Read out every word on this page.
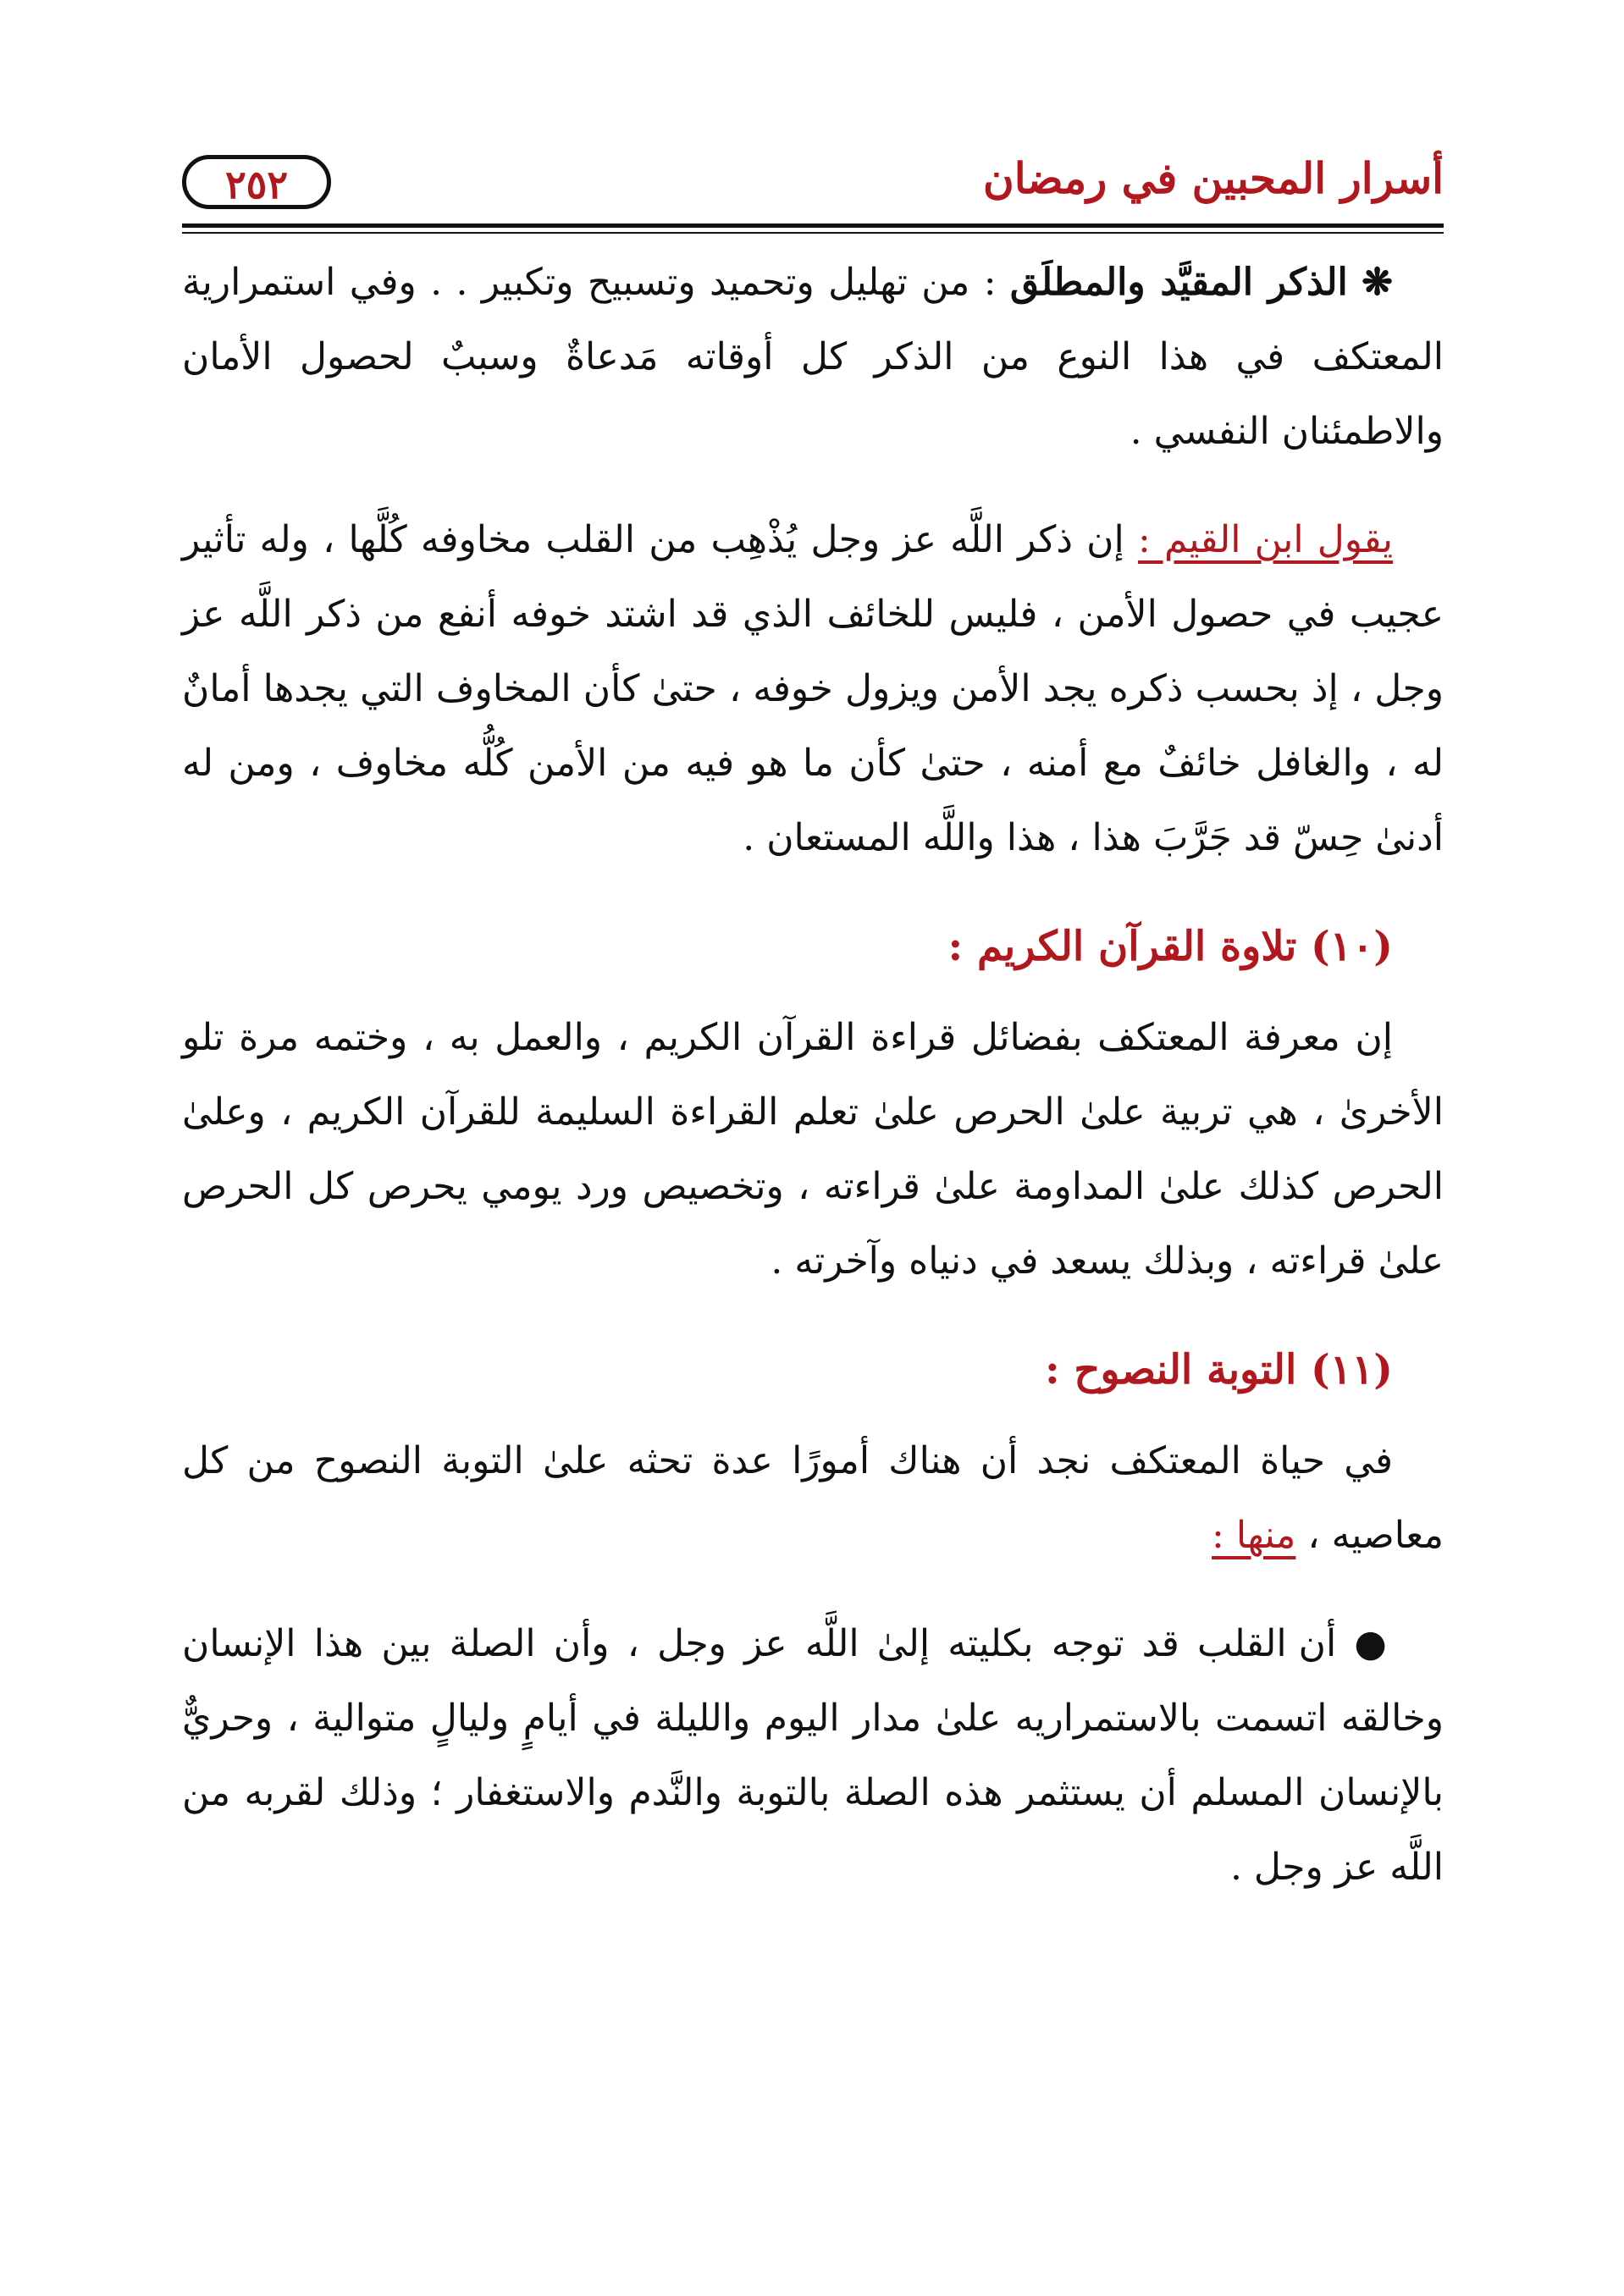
أسرار المحبين في رمضان
٢٥٢

❋ الذكر المقيَّد والمطلَق : من تهليل وتحميد وتسبيح وتكبير . . وفي استمرارية المعتكف في هذا النوع من الذكر كل أوقاته مَدعاةٌ وسببٌ لحصول الأمان والاطمئنان النفسي .

يقول ابن القيم : إن ذكر اللَّه عز وجل يُذْهِب من القلب مخاوفه كُلَّها ، وله تأثير عجيب في حصول الأمن ، فليس للخائف الذي قد اشتد خوفه أنفع من ذكر اللَّه عز وجل ، إذ بحسب ذكره يجد الأمن ويزول خوفه ، حتىٰ كأن المخاوف التي يجدها أمانٌ له ، والغافل خائفٌ مع أمنه ، حتىٰ كأن ما هو فيه من الأمن كُلُّه مخاوف ، ومن له أدنىٰ حِسّ قد جَرَّبَ هذا ، هذا واللَّه المستعان .

(١٠) تلاوة القرآن الكريم :

إن معرفة المعتكف بفضائل قراءة القرآن الكريم ، والعمل به ، وختمه مرة تلو الأخرىٰ ، هي تربية علىٰ الحرص علىٰ تعلم القراءة السليمة للقرآن الكريم ، وعلىٰ الحرص كذلك علىٰ المداومة علىٰ قراءته ، وتخصيص ورد يومي يحرص كل الحرص علىٰ قراءته ، وبذلك يسعد في دنياه وآخرته .

(١١) التوبة النصوح :

في حياة المعتكف نجد أن هناك أمورًا عدة تحثه علىٰ التوبة النصوح من كل معاصيه ، منها :

● أن القلب قد توجه بكليته إلىٰ اللَّه عز وجل ، وأن الصلة بين هذا الإنسان وخالقه اتسمت بالاستمراريه علىٰ مدار اليوم والليلة في أيامٍ وليالٍ متوالية ، وحريٌّ بالإنسان المسلم أن يستثمر هذه الصلة بالتوبة والنَّدم والاستغفار ؛ وذلك لقربه من اللَّه عز وجل .
